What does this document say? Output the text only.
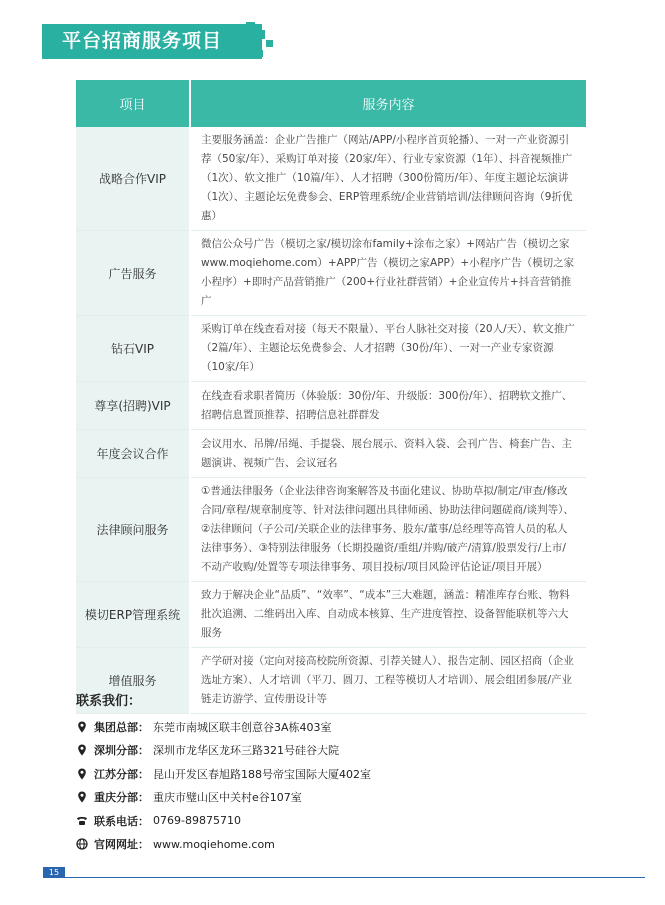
平台招商服务项目
项目	服务内容
战略合作VIP	主要服务涵盖：企业广告推广（网站/APP/小程序首页轮播）、一对一产业资源引荐（50家/年）、采购订单对接（20家/年）、行业专家资源（1年）、抖音视频推广（1次）、软文推广（10篇/年）、人才招聘（300份简历/年）、年度主题论坛演讲（1次）、主题论坛免费参会、ERP管理系统/企业营销培训/法律顾问咨询（9折优惠）
广告服务	微信公众号广告（模切之家/模切涂布family+涂布之家）+网站广告（模切之家www.moqiehome.com）+APP广告（模切之家APP）+小程序广告（模切之家小程序）+即时产品营销推广（200+行业社群营销）+企业宣传片+抖音营销推广
钻石VIP	采购订单在线查看对接（每天不限量）、平台人脉社交对接（20人/天）、软文推广（2篇/年）、主题论坛免费参会、人才招聘（30份/年）、一对一产业专家资源（10家/年）
尊享(招聘)VIP	在线查看求职者简历（体验版：30份/年、升级版：300份/年）、招聘软文推广、招聘信息置顶推荐、招聘信息社群群发
年度会议合作	会议用水、吊牌/吊绳、手提袋、展台展示、资料入袋、会刊广告、椅套广告、主题演讲、视频广告、会议冠名
法律顾问服务	①普通法律服务（企业法律咨询案解答及书面化建议、协助草拟/制定/审查/修改合同/章程/规章制度等、针对法律问题出具律师函、协助法律问题磋商/谈判等）、②法律顾问（子公司/关联企业的法律事务、股东/董事/总经理等高管人员的私人法律事务）、③特别法律服务（长期投融资/重组/并购/破产/清算/股票发行/上市/不动产收购/处置等专项法律事务、项目投标/项目风险评估论证/项目开展）
模切ERP管理系统	致力于解决企业“品质”、“效率”、“成本”三大难题，涵盖：精准库存台账、物料批次追溯、二维码出入库、自动成本核算、生产进度管控、设备智能联机等六大服务
增值服务	产学研对接（定向对接高校院所资源、引荐关键人）、报告定制、园区招商（企业选址方案）、人才培训（平刀、圆刀、工程等模切人才培训）、展会组团参展/产业链走访游学、宣传册设计等
联系我们：
集团总部： 东莞市南城区联丰创意谷3A栋403室
深圳分部： 深圳市龙华区龙环三路321号硅谷大院
江苏分部： 昆山开发区春旭路188号帝宝国际大厦402室
重庆分部： 重庆市璧山区中关村e谷107室
联系电话： 0769-89875710
官网网址： www.moqiehome.com
15
